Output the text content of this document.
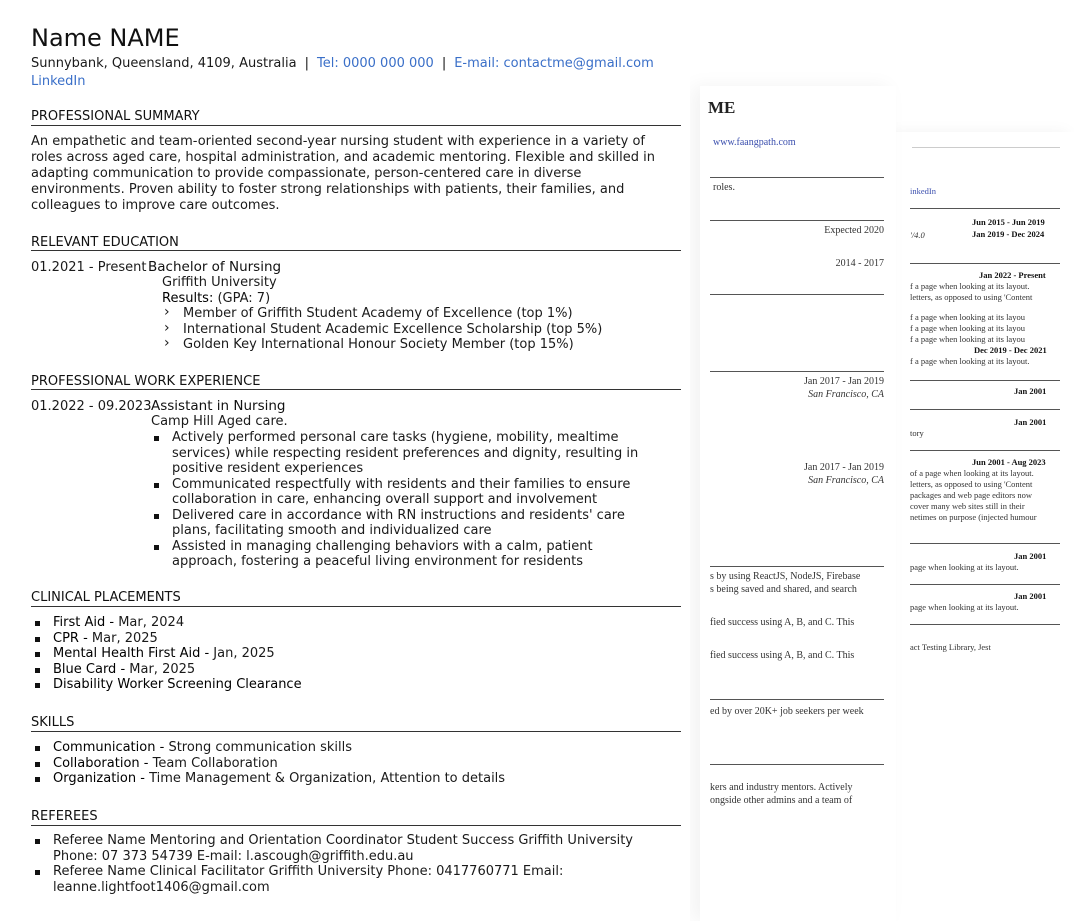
inkedIn
Jun 2015 - Jun 2019
'/4.0	Jan 2019 - Dec 2024
Jan 2022 - Present
f a page when looking at its layout.
letters, as opposed to using 'Content
f a page when looking at its layou
f a page when looking at its layou
f a page when looking at its layou
Dec 2019 - Dec 2021
f a page when looking at its layout.
Jan 2001
Jan 2001
tory
Jun 2001 - Aug 2023
of a page when looking at its layout.
letters, as opposed to using 'Content
packages and web page editors now
cover many web sites still in their
netimes on purpose (injected humour
Jan 2001
page when looking at its layout.
Jan 2001
page when looking at its layout.
act Testing Library, Jest
ME
www.faangpath.com
roles.
Expected 2020
2014 - 2017
Jan 2017 - Jan 2019
San Francisco, CA
Jan 2017 - Jan 2019
San Francisco, CA
s by using ReactJS, NodeJS, Firebase
s being saved and shared, and search
fied success using A, B, and C. This
fied success using A, B, and C. This
ed by over 20K+ job seekers per week
kers and industry mentors. Actively
ongside other admins and a team of
Name NAME
Sunnybank, Queensland, 4109, Australia | Tel: 0000 000 000 | E-mail: contactme@gmail.com
LinkedIn
PROFESSIONAL SUMMARY
An empathetic and team-oriented second-year nursing student with experience in a variety of roles across aged care, hospital administration, and academic mentoring. Flexible and skilled in adapting communication to provide compassionate, person-centered care in diverse environments. Proven ability to foster strong relationships with patients, their families, and colleagues to improve care outcomes.
RELEVANT EDUCATION
01.2021 - Present Bachelor of Nursing
Griffith University
Results: (GPA: 7)
› Member of Griffith Student Academy of Excellence (top 1%)
› International Student Academic Excellence Scholarship (top 5%)
› Golden Key International Honour Society Member (top 15%)
PROFESSIONAL WORK EXPERIENCE
01.2022 - 09.2023 Assistant in Nursing
Camp Hill Aged care.
Actively performed personal care tasks (hygiene, mobility, mealtime services) while respecting resident preferences and dignity, resulting in positive resident experiences
Communicated respectfully with residents and their families to ensure collaboration in care, enhancing overall support and involvement
Delivered care in accordance with RN instructions and residents' care plans, facilitating smooth and individualized care
Assisted in managing challenging behaviors with a calm, patient approach, fostering a peaceful living environment for residents
CLINICAL PLACEMENTS
First Aid - Mar, 2024
CPR - Mar, 2025
Mental Health First Aid - Jan, 2025
Blue Card - Mar, 2025
Disability Worker Screening Clearance
SKILLS
Communication - Strong communication skills
Collaboration - Team Collaboration
Organization - Time Management & Organization, Attention to details
REFEREES
Referee Name Mentoring and Orientation Coordinator Student Success Griffith University Phone: 07 373 54739 E-mail: l.ascough@griffith.edu.au
Referee Name Clinical Facilitator Griffith University Phone: 0417760771 Email: leanne.lightfoot1406@gmail.com
